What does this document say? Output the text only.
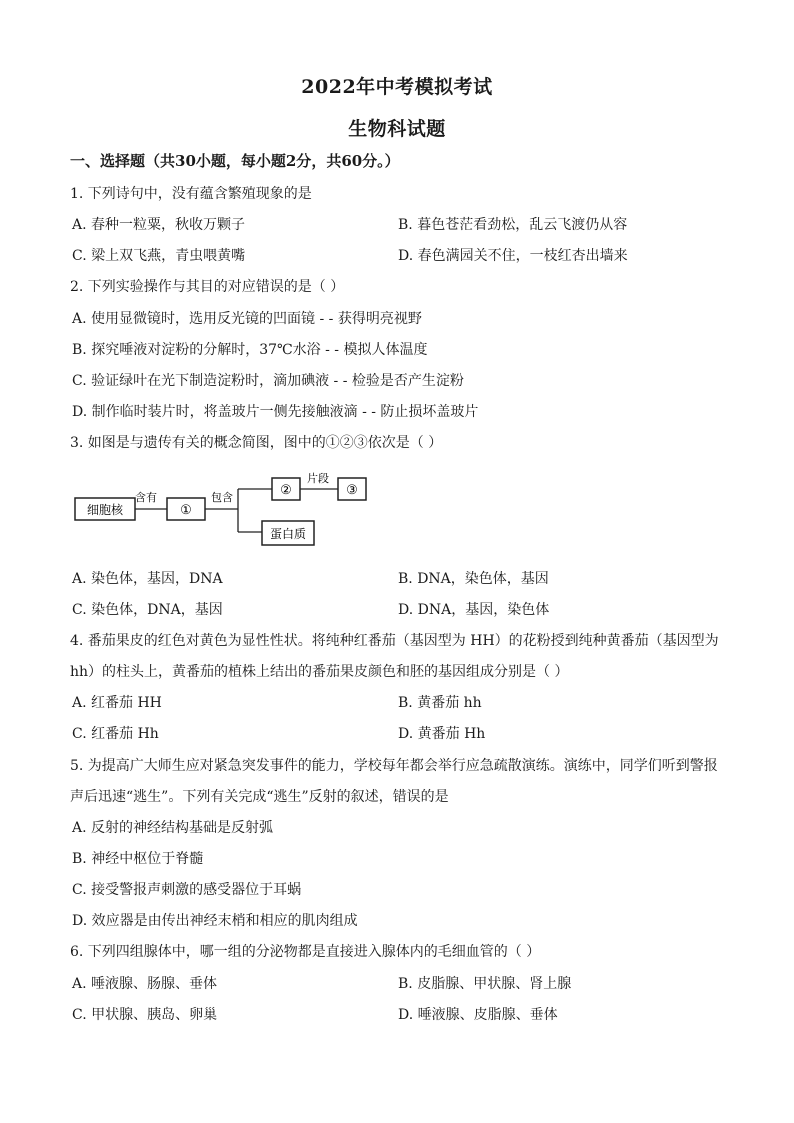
2022年中考模拟考试
生物科试题
一、选择题（共30小题，每小题2分，共60分。）
1. 下列诗句中，没有蕴含繁殖现象的是
A. 春种一粒粟，秋收万颗子	B. 暮色苍茫看劲松，乱云飞渡仍从容
C. 梁上双飞燕，青虫喂黄嘴	D. 春色满园关不住，一枝红杏出墙来
2. 下列实验操作与其目的对应错误的是（ ）
A. 使用显微镜时，选用反光镜的凹面镜 - - 获得明亮视野
B. 探究唾液对淀粉的分解时，37℃水浴 - - 模拟人体温度
C. 验证绿叶在光下制造淀粉时，滴加碘液 - - 检验是否产生淀粉
D. 制作临时装片时，将盖玻片一侧先接触液滴 - - 防止损坏盖玻片
3. 如图是与遗传有关的概念简图，图中的①②③依次是（ ）
细胞核
含有
①
包含	②
片段
③
蛋白质
A. 染色体，基因，DNA	B. DNA，染色体，基因
C. 染色体，DNA，基因	D. DNA，基因，染色体
4. 番茄果皮的红色对黄色为显性性状。将纯种红番茄（基因型为 HH）的花粉授到纯种黄番茄（基因型为
hh）的柱头上，黄番茄的植株上结出的番茄果皮颜色和胚的基因组成分别是（ ）
A. 红番茄 HH	B. 黄番茄 hh
C. 红番茄 Hh	D. 黄番茄 Hh
5. 为提高广大师生应对紧急突发事件的能力，学校每年都会举行应急疏散演练。演练中，同学们听到警报
声后迅速“逃生”。下列有关完成“逃生”反射的叙述，错误的是
A. 反射的神经结构基础是反射弧
B. 神经中枢位于脊髓
C. 接受警报声刺激的感受器位于耳蜗
D. 效应器是由传出神经末梢和相应的肌肉组成
6. 下列四组腺体中，哪一组的分泌物都是直接进入腺体内的毛细血管的（ ）
A. 唾液腺、肠腺、垂体	B. 皮脂腺、甲状腺、肾上腺
C. 甲状腺、胰岛、卵巢	D. 唾液腺、皮脂腺、垂体
